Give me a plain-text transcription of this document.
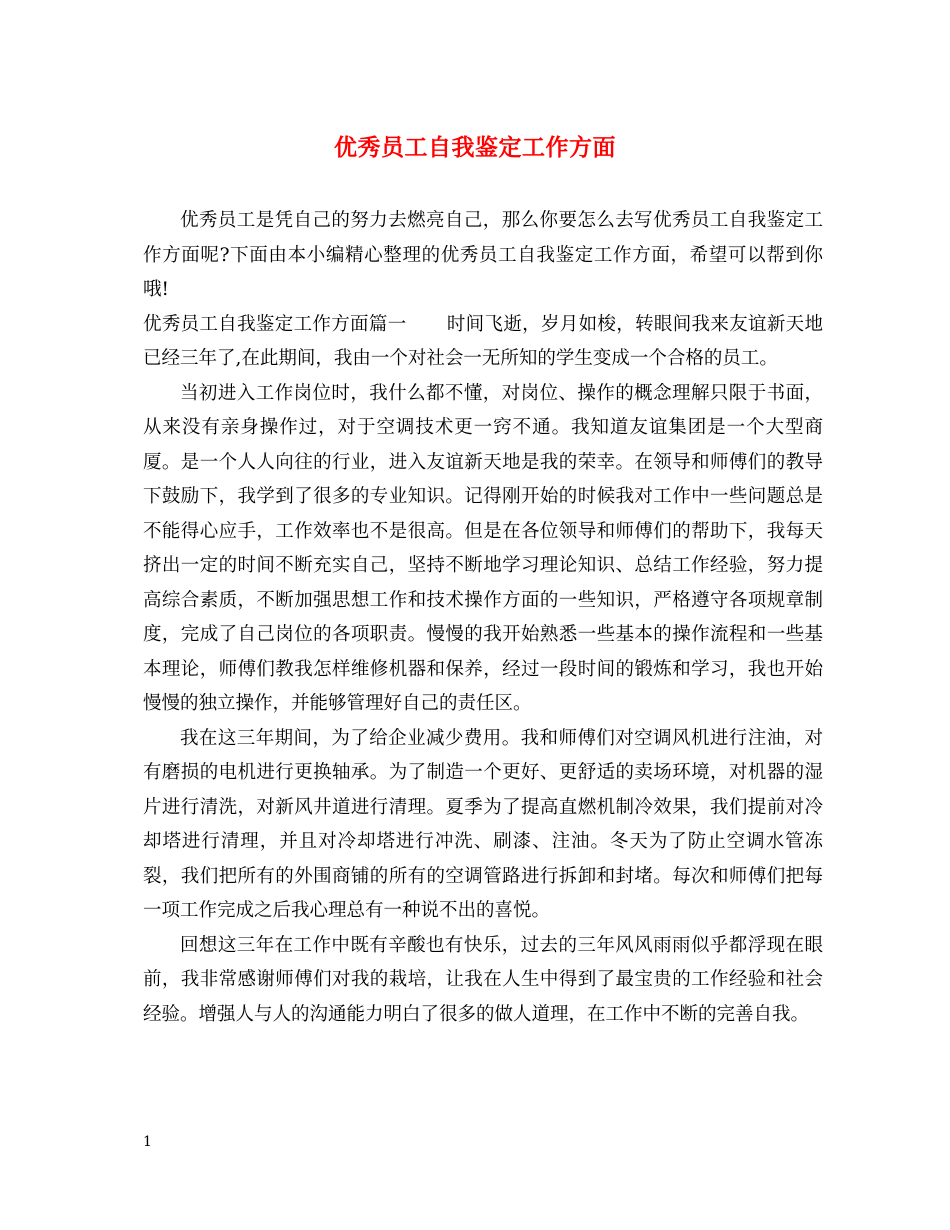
优秀员工自我鉴定工作方面

优秀员工是凭自己的努力去燃亮自己，那么你要怎么去写优秀员工自我鉴定工作方面呢?下面由本小编精心整理的优秀员工自我鉴定工作方面，希望可以帮到你哦!

优秀员工自我鉴定工作方面篇一 时间飞逝，岁月如梭，转眼间我来友谊新天地已经三年了,在此期间，我由一个对社会一无所知的学生变成一个合格的员工。

当初进入工作岗位时，我什么都不懂，对岗位、操作的概念理解只限于书面，从来没有亲身操作过，对于空调技术更一窍不通。我知道友谊集团是一个大型商厦。是一个人人向往的行业，进入友谊新天地是我的荣幸。在领导和师傅们的教导下鼓励下，我学到了很多的专业知识。记得刚开始的时候我对工作中一些问题总是不能得心应手，工作效率也不是很高。但是在各位领导和师傅们的帮助下，我每天挤出一定的时间不断充实自己，坚持不断地学习理论知识、总结工作经验，努力提高综合素质，不断加强思想工作和技术操作方面的一些知识，严格遵守各项规章制度，完成了自己岗位的各项职责。慢慢的我开始熟悉一些基本的操作流程和一些基本理论，师傅们教我怎样维修机器和保养，经过一段时间的锻炼和学习，我也开始慢慢的独立操作，并能够管理好自己的责任区。

我在这三年期间，为了给企业减少费用。我和师傅们对空调风机进行注油，对有磨损的电机进行更换轴承。为了制造一个更好、更舒适的卖场环境，对机器的湿片进行清洗，对新风井道进行清理。夏季为了提高直燃机制冷效果，我们提前对冷却塔进行清理，并且对冷却塔进行冲洗、刷漆、注油。冬天为了防止空调水管冻裂，我们把所有的外围商铺的所有的空调管路进行拆卸和封堵。每次和师傅们把每一项工作完成之后我心理总有一种说不出的喜悦。

回想这三年在工作中既有辛酸也有快乐，过去的三年风风雨雨似乎都浮现在眼前，我非常感谢师傅们对我的栽培，让我在人生中得到了最宝贵的工作经验和社会经验。增强人与人的沟通能力明白了很多的做人道理，在工作中不断的完善自我。

1
